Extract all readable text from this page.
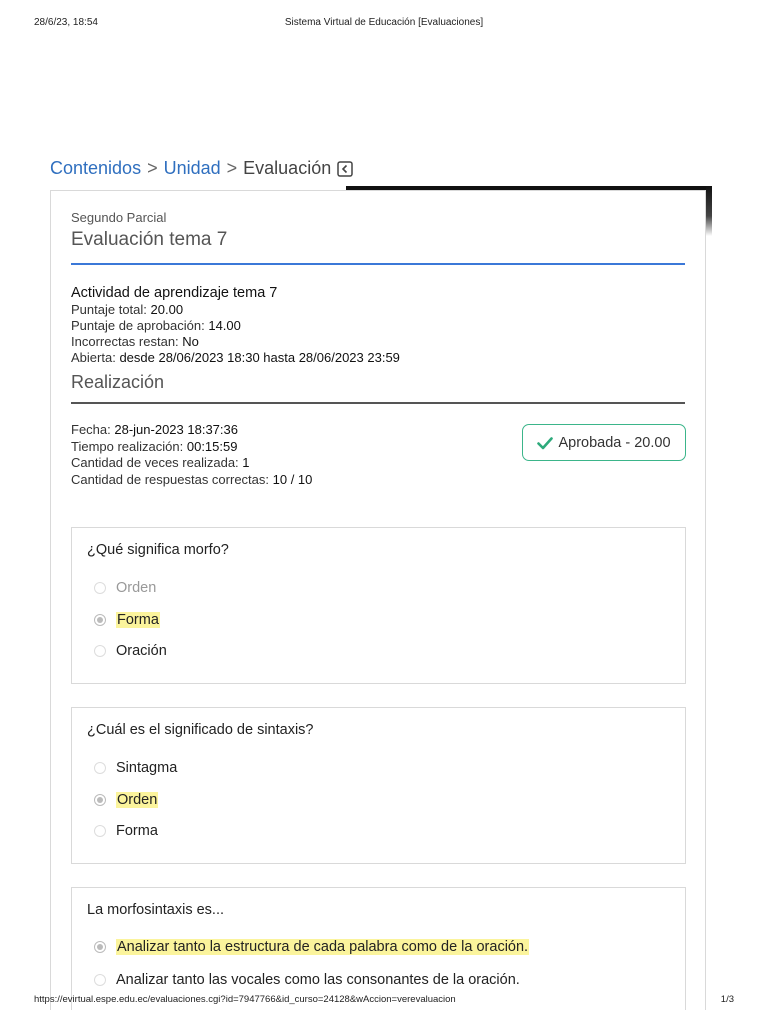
28/6/23, 18:54	Sistema Virtual de Educación [Evaluaciones]
Contenidos > Unidad > Evaluación
Segundo Parcial
Evaluación tema 7
Actividad de aprendizaje tema 7
Puntaje total: 20.00
Puntaje de aprobación: 14.00
Incorrectas restan: No
Abierta: desde 28/06/2023 18:30 hasta 28/06/2023 23:59
Realización
Fecha: 28-jun-2023 18:37:36
Tiempo realización: 00:15:59
Cantidad de veces realizada: 1
Cantidad de respuestas correctas: 10 / 10
Aprobada - 20.00
¿Qué significa morfo?
Orden
Forma
Oración
¿Cuál es el significado de sintaxis?
Sintagma
Orden
Forma
La morfosintaxis es...
Analizar tanto la estructura de cada palabra como de la oración.
Analizar tanto las vocales como las consonantes de la oración.
https://evirtual.espe.edu.ec/evaluaciones.cgi?id=7947766&id_curso=24128&wAccion=verevaluacion	1/3
